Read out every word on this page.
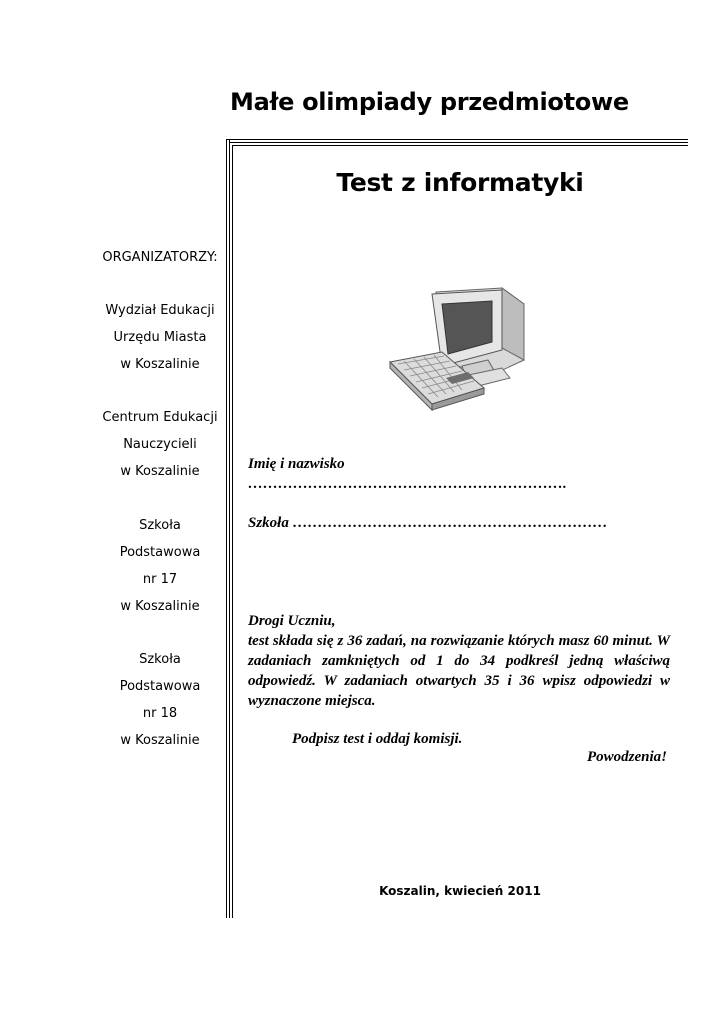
Małe olimpiady przedmiotowe
Test z informatyki
ORGANIZATORZY:
Wydział Edukacji
Urzędu Miasta
w Koszalinie
Centrum Edukacji
Nauczycieli
w Koszalinie
Szkoła
Podstawowa
nr 17
w Koszalinie
Szkoła
Podstawowa
nr 18
w Koszalinie
Imię i nazwisko
……………………………………………………….
Szkoła ………………………………………………………
Drogi Uczniu,
test składa się z 36 zadań, na rozwiązanie których masz 60 minut. W zadaniach zamkniętych od 1 do 34 podkreśl jedną właściwą odpowiedź. W zadaniach otwartych 35 i 36 wpisz odpowiedzi w wyznaczone miejsca.
Podpisz test i oddaj komisji.
Powodzenia!
Koszalin, kwiecień 2011
